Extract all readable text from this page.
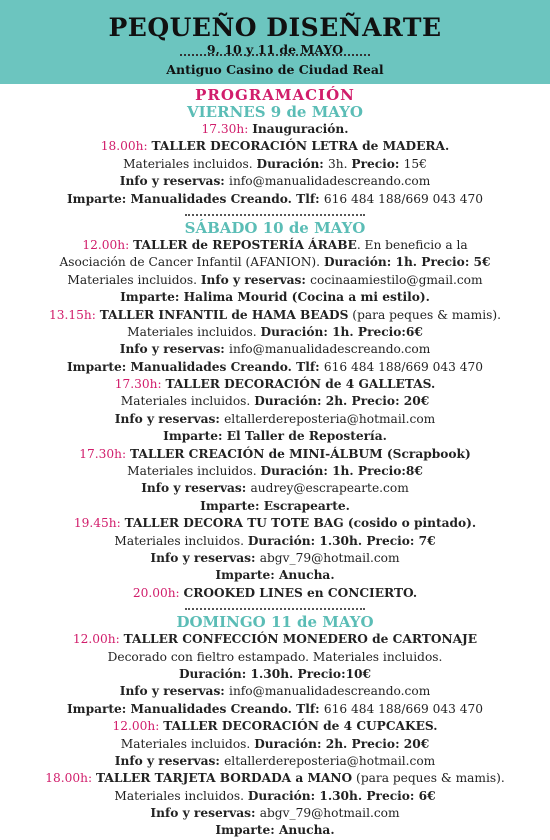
PEQUEÑO DISEÑARTE
9, 10 y 11 de MAYO
Antiguo Casino de Ciudad Real
PROGRAMACIÓN
VIERNES 9 de MAYO
17.30h: Inauguración.
18.00h: TALLER DECORACIÓN LETRA de MADERA.
Materiales incluidos. Duración: 3h. Precio: 15€
Info y reservas: info@manualidadescreando.com
Imparte: Manualidades Creando. Tlf: 616 484 188/669 043 470
SÁBADO 10 de MAYO
12.00h: TALLER de REPOSTERÍA ÁRABE. En beneficio a la
Asociación de Cancer Infantil (AFANION). Duración: 1h. Precio: 5€
Materiales incluidos. Info y reservas: cocinaamiestilo@gmail.com
Imparte: Halima Mourid (Cocina a mi estilo).
13.15h: TALLER INFANTIL de HAMA BEADS (para peques & mamis).
Materiales incluidos. Duración: 1h. Precio:6€
Info y reservas: info@manualidadescreando.com
Imparte: Manualidades Creando. Tlf: 616 484 188/669 043 470
17.30h: TALLER DECORACIÓN de 4 GALLETAS.
Materiales incluidos. Duración: 2h. Precio: 20€
Info y reservas: eltallerdereposteria@hotmail.com
Imparte: El Taller de Repostería.
17.30h: TALLER CREACIÓN de MINI-ÁLBUM (Scrapbook)
Materiales incluidos. Duración: 1h. Precio:8€
Info y reservas: audrey@escrapearte.com
Imparte: Escrapearte.
19.45h: TALLER DECORA TU TOTE BAG (cosido o pintado).
Materiales incluidos. Duración: 1.30h. Precio: 7€
Info y reservas: abgv_79@hotmail.com
Imparte: Anucha.
20.00h: CROOKED LINES en CONCIERTO.
DOMINGO 11 de MAYO
12.00h: TALLER CONFECCIÓN MONEDERO de CARTONAJE
Decorado con fieltro estampado. Materiales incluidos.
Duración: 1.30h. Precio:10€
Info y reservas: info@manualidadescreando.com
Imparte: Manualidades Creando. Tlf: 616 484 188/669 043 470
12.00h: TALLER DECORACIÓN de 4 CUPCAKES.
Materiales incluidos. Duración: 2h. Precio: 20€
Info y reservas: eltallerdereposteria@hotmail.com
18.00h: TALLER TARJETA BORDADA a MANO (para peques & mamis).
Materiales incluidos. Duración: 1.30h. Precio: 6€
Info y reservas: abgv_79@hotmail.com
Imparte: Anucha.
